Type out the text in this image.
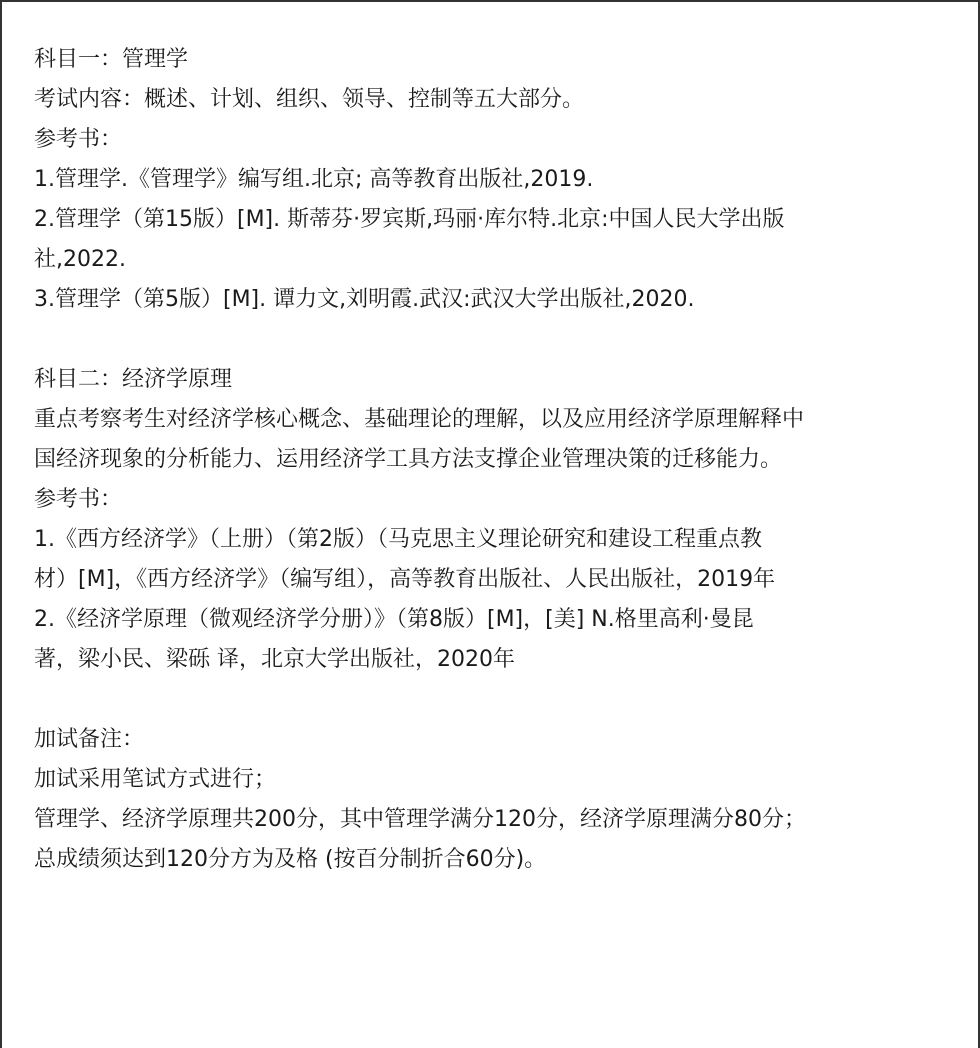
科目一：管理学
考试内容：概述、计划、组织、领导、控制等五大部分。
参考书：
1.管理学.《管理学》编写组.北京; 高等教育出版社,2019.
2.管理学（第15版）[M]. 斯蒂芬·罗宾斯,玛丽·库尔特.北京:中国人民大学出版
社,2022.
3.管理学（第5版）[M]. 谭力文,刘明霞.武汉:武汉大学出版社,2020.
科目二：经济学原理
重点考察考生对经济学核心概念、基础理论的理解，以及应用经济学原理解释中
国经济现象的分析能力、运用经济学工具方法支撑企业管理决策的迁移能力。
参考书：
1.《西方经济学》（上册）（第2版）（马克思主义理论研究和建设工程重点教
材）[M]，《西方经济学》（编写组），高等教育出版社、人民出版社，2019年
2.《经济学原理（微观经济学分册）》（第8版）[M]，[美] N.格里高利·曼昆
著，梁小民、梁砾 译，北京大学出版社，2020年
加试备注：
加试采用笔试方式进行；
管理学、经济学原理共200分，其中管理学满分120分，经济学原理满分80分；
总成绩须达到120分方为及格 (按百分制折合60分)。
